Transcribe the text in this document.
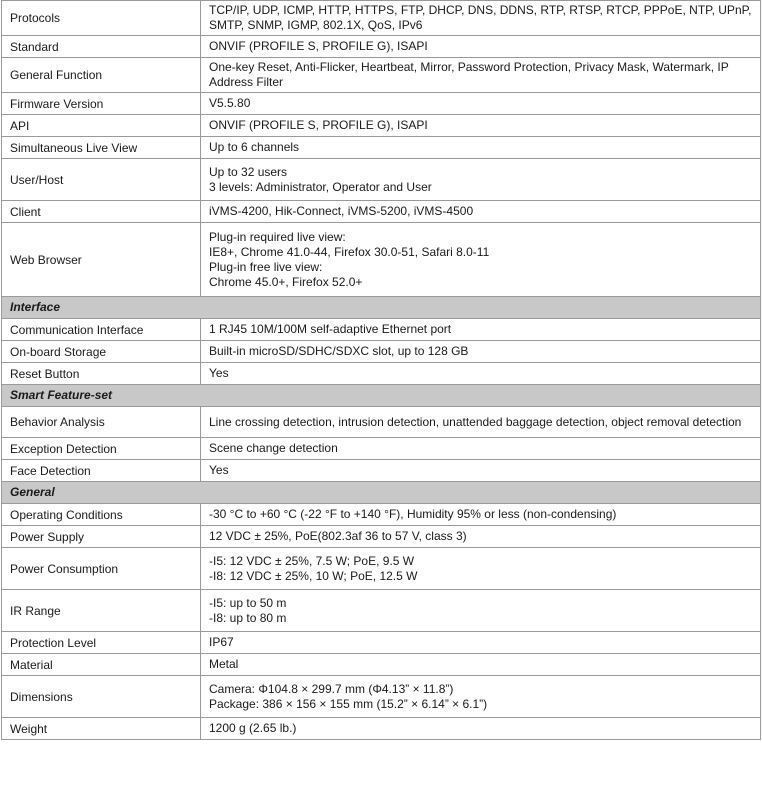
Protocols	TCP/IP, UDP, ICMP, HTTP, HTTPS, FTP, DHCP, DNS, DDNS, RTP, RTSP, RTCP, PPPoE, NTP, UPnP, SMTP, SNMP, IGMP, 802.1X, QoS, IPv6

Standard	ONVIF (PROFILE S, PROFILE G), ISAPI

General Function	One-key Reset, Anti-Flicker, Heartbeat, Mirror, Password Protection, Privacy Mask, Watermark, IP Address Filter

Firmware Version	V5.5.80

API	ONVIF (PROFILE S, PROFILE G), ISAPI

Simultaneous Live View	Up to 6 channels

User/Host	Up to 32 users
3 levels: Administrator, Operator and User

Client	iVMS-4200, Hik-Connect, iVMS-5200, iVMS-4500

Web Browser	Plug-in required live view:
IE8+, Chrome 41.0-44, Firefox 30.0-51, Safari 8.0-11
Plug-in free live view:
Chrome 45.0+, Firefox 52.0+

Interface	
Communication Interface	1 RJ45 10M/100M self-adaptive Ethernet port

On-board Storage	Built-in microSD/SDHC/SDXC slot, up to 128 GB

Reset Button	Yes

Smart Feature-set	
Behavior Analysis	Line crossing detection, intrusion detection, unattended baggage detection, object removal detection

Exception Detection	Scene change detection

Face Detection	Yes

General	
Operating Conditions	-30 °C to +60 °C (-22 °F to +140 °F), Humidity 95% or less (non-condensing)

Power Supply	12 VDC ± 25%, PoE(802.3af 36 to 57 V, class 3)

Power Consumption	-I5: 12 VDC ± 25%, 7.5 W; PoE, 9.5 W
-I8: 12 VDC ± 25%, 10 W; PoE, 12.5 W

IR Range	-I5: up to 50 m
-I8: up to 80 m

Protection Level	IP67

Material	Metal

Dimensions	Camera: Φ104.8 × 299.7 mm (Φ4.13” × 11.8”)
Package: 386 × 156 × 155 mm (15.2” × 6.14” × 6.1”)

Weight	1200 g (2.65 lb.)
